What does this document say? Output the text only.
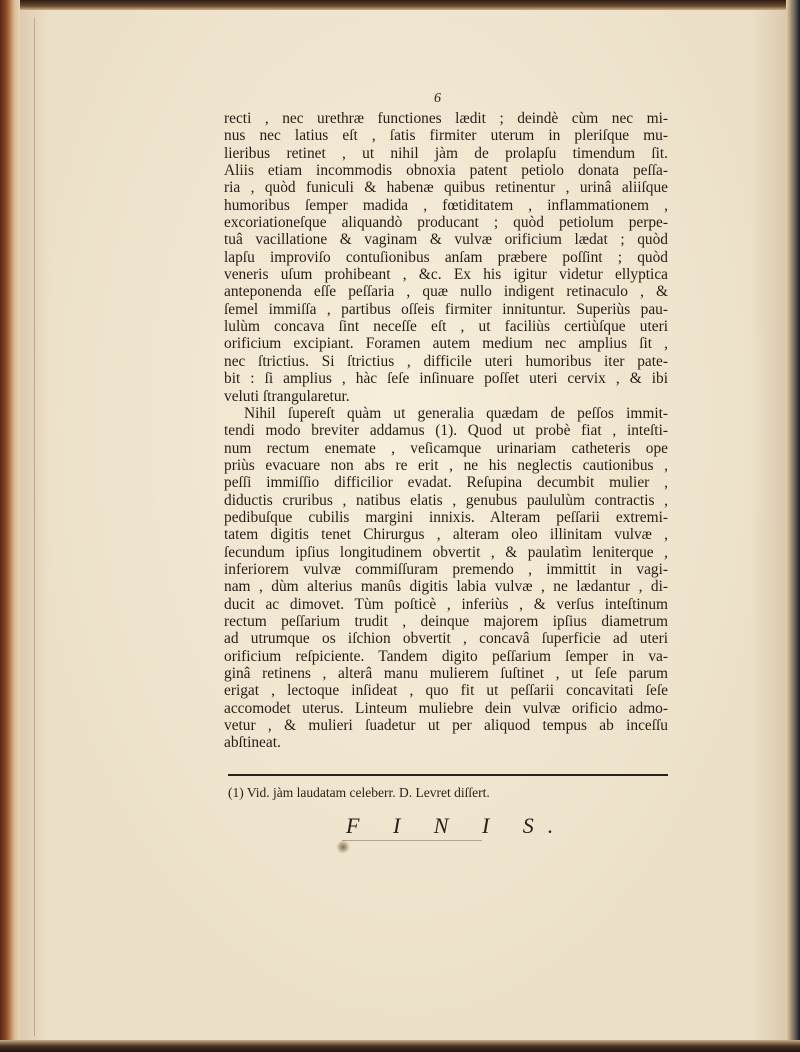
6
recti , nec urethræ functiones lædit ; deindè cùm nec mi-
nus nec latius eſt , ſatis firmiter uterum in pleriſque mu-
lieribus retinet , ut nihil jàm de prolapſu timendum ſit.
Aliis etiam incommodis obnoxia patent petiolo donata peſſa-
ria , quòd funiculi & habenæ quibus retinentur , urinâ aliiſque
humoribus ſemper madida , fœtiditatem , inflammationem ,
excoriationeſque aliquandò producant ; quòd petiolum perpe-
tuâ vacillatione & vaginam & vulvæ orificium lædat ; quòd
lapſu improviſo contuſionibus anſam præbere poſſint ; quòd
veneris uſum prohibeant , &c. Ex his igitur videtur ellyptica
anteponenda eſſe peſſaria , quæ nullo indigent retinaculo , &
ſemel immiſſa , partibus oſſeis firmiter innituntur. Superiùs pau-
lulùm concava ſint neceſſe eſt , ut faciliùs certiùſque uteri
orificium excipiant. Foramen autem medium nec amplius ſit ,
nec ſtrictius. Si ſtrictius , difficile uteri humoribus iter pate-
bit : ſi amplius , hàc ſeſe inſinuare poſſet uteri cervix , & ibi
veluti ſtrangularetur.
Nihil ſupereſt quàm ut generalia quædam de peſſos immit-
tendi modo breviter addamus (1). Quod ut probè fiat , inteſti-
num rectum enemate , veſicamque urinariam catheteris ope
priùs evacuare non abs re erit , ne his neglectis cautionibus ,
peſſi immiſſio difficilior evadat. Reſupina decumbit mulier ,
diductis cruribus , natibus elatis , genubus paululùm contractis ,
pedibuſque cubilis margini innixis. Alteram peſſarii extremi-
tatem digitis tenet Chirurgus , alteram oleo illinitam vulvæ ,
ſecundum ipſius longitudinem obvertit , & paulatìm leniterque ,
inferiorem vulvæ commiſſuram premendo , immittit in vagi-
nam , dùm alterius manûs digitis labia vulvæ , ne lædantur , di-
ducit ac dimovet. Tùm poſticè , inferiùs , & verſus inteſtinum
rectum peſſarium trudit , deinque majorem ipſius diametrum
ad utrumque os iſchion obvertit , concavâ ſuperficie ad uteri
orificium reſpiciente. Tandem digito peſſarium ſemper in va-
ginâ retinens , alterâ manu mulierem ſuſtinet , ut ſeſe parum
erigat , lectoque inſideat , quo fit ut peſſarii concavitati ſeſe
accomodet uterus. Linteum muliebre dein vulvæ orificio admo-
vetur , & mulieri ſuadetur ut per aliquod tempus ab inceſſu
abſtineat.
(1) Vid. jàm laudatam celeberr. D. Levret diſſert.
F I N I S.
